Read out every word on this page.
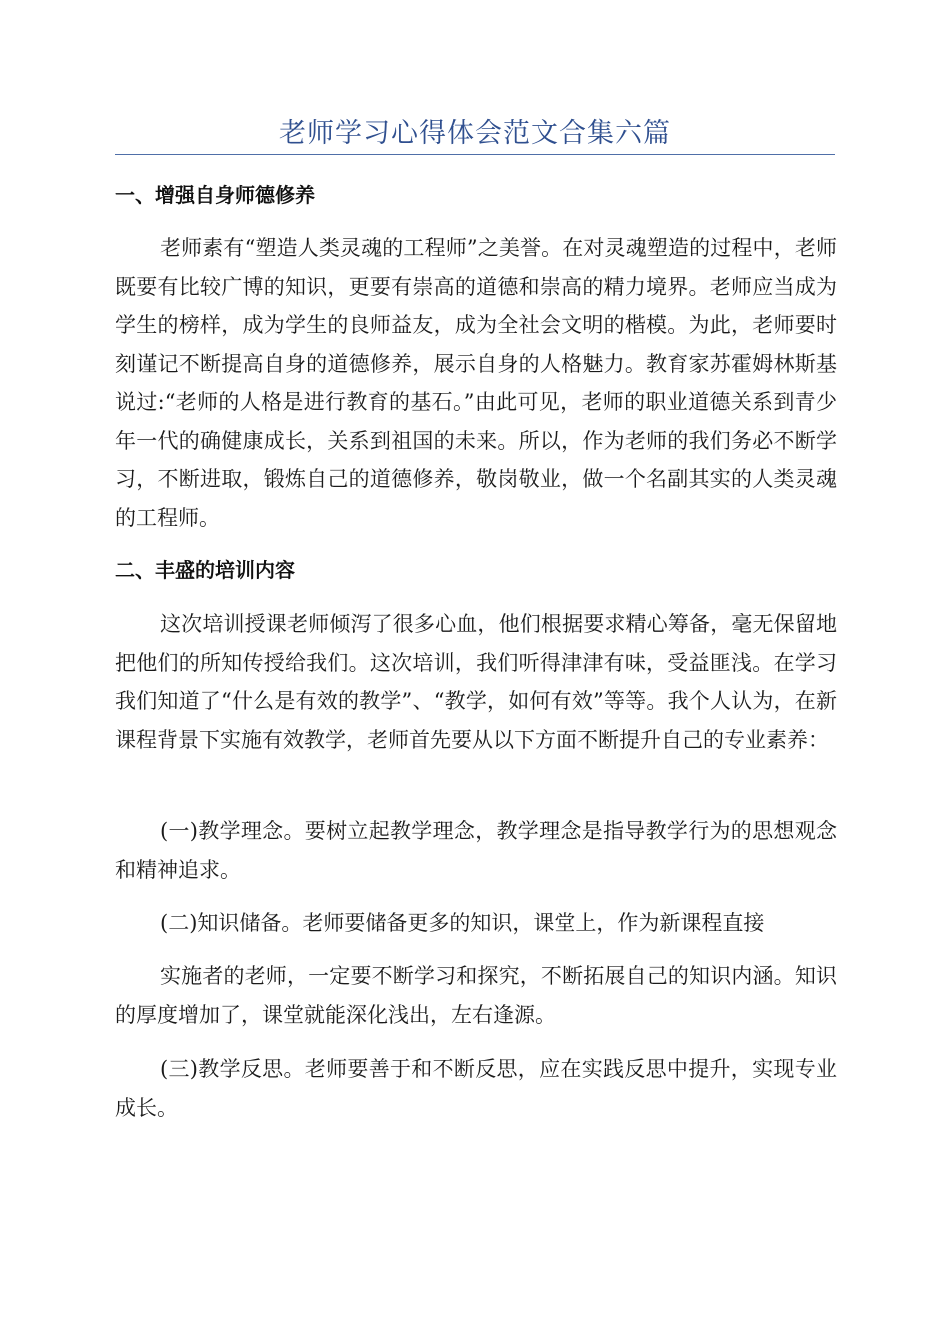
老师学习心得体会范文合集六篇
一、增强自身师德修养

老师素有“塑造人类灵魂的工程师”之美誉。在对灵魂塑造的过程中，老师既要有比较广博的知识，更要有崇高的道德和崇高的精力境界。老师应当成为学生的榜样，成为学生的良师益友，成为全社会文明的楷模。为此，老师要时刻谨记不断提高自身的道德修养，展示自身的人格魅力。教育家苏霍姆林斯基说过:“老师的人格是进行教育的基石。”由此可见，老师的职业道德关系到青少年一代的确健康成长，关系到祖国的未来。所以，作为老师的我们务必不断学习，不断进取，锻炼自己的道德修养，敬岗敬业，做一个名副其实的人类灵魂的工程师。

二、丰盛的培训内容

这次培训授课老师倾泻了很多心血，他们根据要求精心筹备，毫无保留地把他们的所知传授给我们。这次培训，我们听得津津有味，受益匪浅。在学习我们知道了“什么是有效的教学”、“教学，如何有效”等等。我个人认为，在新课程背景下实施有效教学，老师首先要从以下方面不断提升自己的专业素养：

(一)教学理念。要树立起教学理念，教学理念是指导教学行为的思想观念和精神追求。

(二)知识储备。老师要储备更多的知识，课堂上，作为新课程直接

实施者的老师，一定要不断学习和探究，不断拓展自己的知识内涵。知识的厚度增加了，课堂就能深化浅出，左右逢源。

(三)教学反思。老师要善于和不断反思，应在实践反思中提升，实现专业成长。
